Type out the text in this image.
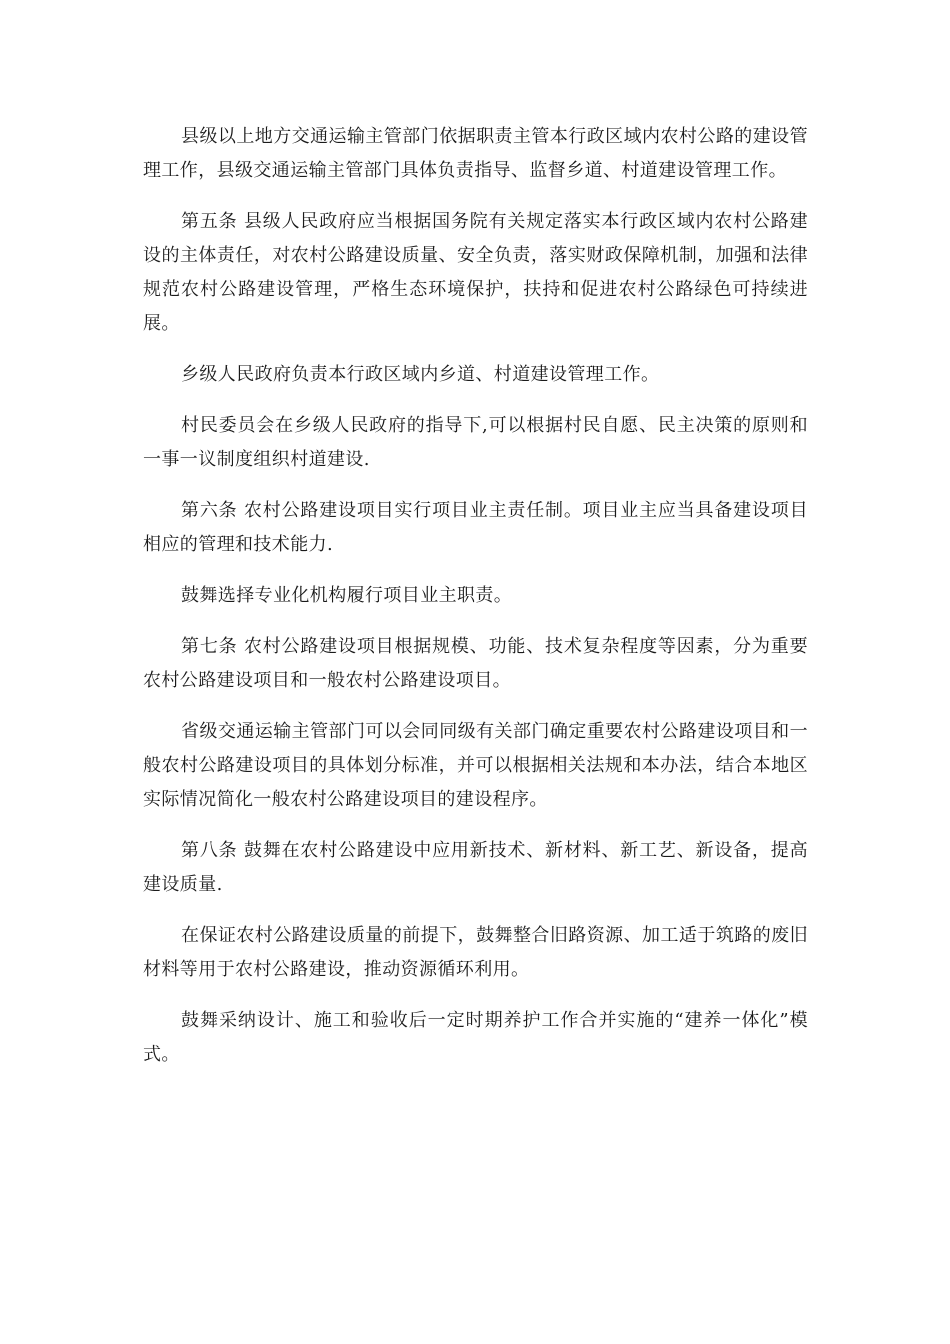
县级以上地方交通运输主管部门依据职责主管本行政区域内农村公路的建设管理工作，县级交通运输主管部门具体负责指导、监督乡道、村道建设管理工作。

第五条 县级人民政府应当根据国务院有关规定落实本行政区域内农村公路建设的主体责任，对农村公路建设质量、安全负责，落实财政保障机制，加强和法律规范农村公路建设管理，严格生态环境保护，扶持和促进农村公路绿色可持续进展。

乡级人民政府负责本行政区域内乡道、村道建设管理工作。

村民委员会在乡级人民政府的指导下,可以根据村民自愿、民主决策的原则和一事一议制度组织村道建设.

第六条 农村公路建设项目实行项目业主责任制。项目业主应当具备建设项目相应的管理和技术能力.

鼓舞选择专业化机构履行项目业主职责。

第七条 农村公路建设项目根据规模、功能、技术复杂程度等因素，分为重要农村公路建设项目和一般农村公路建设项目。

省级交通运输主管部门可以会同同级有关部门确定重要农村公路建设项目和一般农村公路建设项目的具体划分标准，并可以根据相关法规和本办法，结合本地区实际情况简化一般农村公路建设项目的建设程序。

第八条 鼓舞在农村公路建设中应用新技术、新材料、新工艺、新设备，提高建设质量.

在保证农村公路建设质量的前提下，鼓舞整合旧路资源、加工适于筑路的废旧材料等用于农村公路建设，推动资源循环利用。

鼓舞采纳设计、施工和验收后一定时期养护工作合并实施的“建养一体化”模式。
